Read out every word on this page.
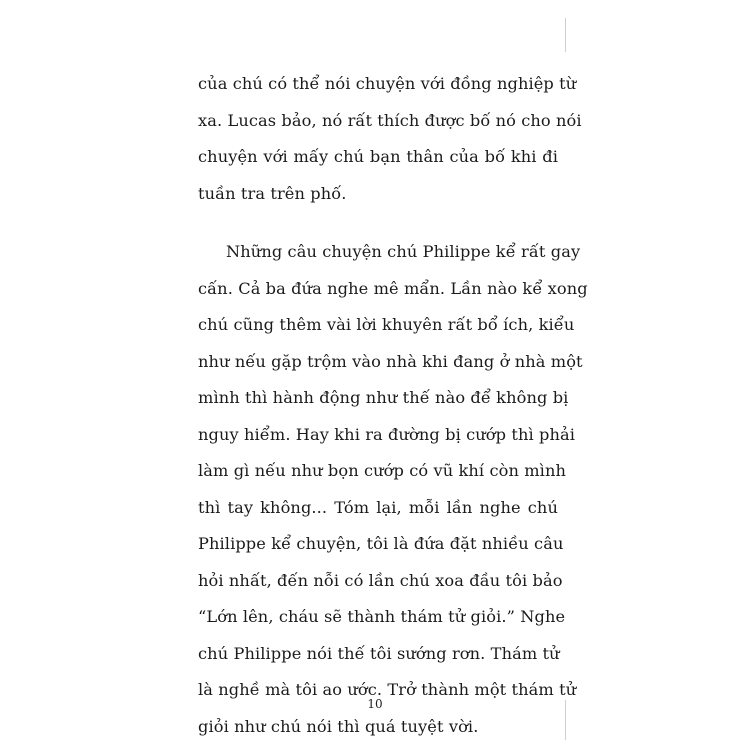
của chú có thể nói chuyện với đồng nghiệp từ
xa. Lucas bảo, nó rất thích được bố nó cho nói
chuyện với mấy chú bạn thân của bố khi đi
tuần tra trên phố.

Những câu chuyện chú Philippe kể rất gay
cấn. Cả ba đứa nghe mê mẩn. Lần nào kể xong
chú cũng thêm vài lời khuyên rất bổ ích, kiểu
như nếu gặp trộm vào nhà khi đang ở nhà một
mình thì hành động như thế nào để không bị
nguy hiểm. Hay khi ra đường bị cướp thì phải
làm gì nếu như bọn cướp có vũ khí còn mình
thì tay không... Tóm lại, mỗi lần nghe chú
Philippe kể chuyện, tôi là đứa đặt nhiều câu
hỏi nhất, đến nỗi có lần chú xoa đầu tôi bảo
“Lớn lên, cháu sẽ thành thám tử giỏi.” Nghe
chú Philippe nói thế tôi sướng rơn. Thám tử
là nghề mà tôi ao ước. Trở thành một thám tử
giỏi như chú nói thì quá tuyệt vời.

10
